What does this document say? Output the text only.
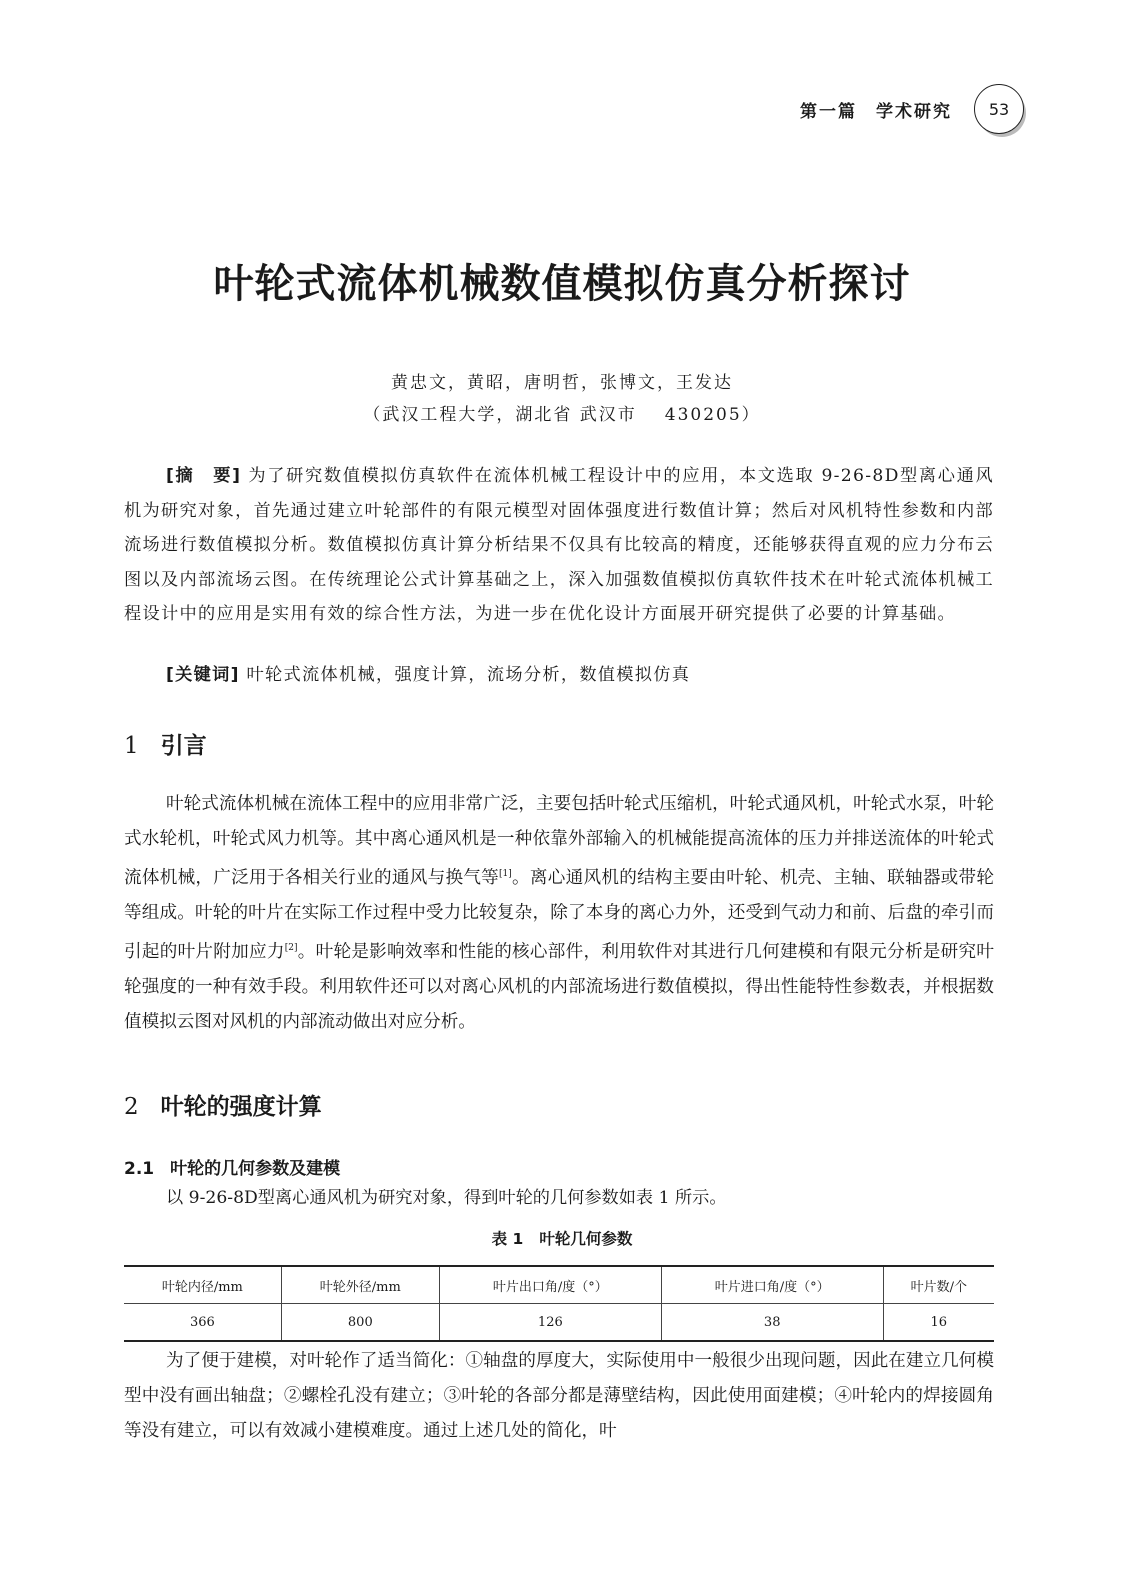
第一篇　学术研究 53
叶轮式流体机械数值模拟仿真分析探讨
黄忠文，黄昭，唐明哲，张博文，王发达
（武汉工程大学，湖北省 武汉市 430205）
[摘　要] 为了研究数值模拟仿真软件在流体机械工程设计中的应用，本文选取 9-26-8D型离心通风机为研究对象，首先通过建立叶轮部件的有限元模型对固体强度进行数值计算；然后对风机特性参数和内部流场进行数值模拟分析。数值模拟仿真计算分析结果不仅具有比较高的精度，还能够获得直观的应力分布云图以及内部流场云图。在传统理论公式计算基础之上，深入加强数值模拟仿真软件技术在叶轮式流体机械工程设计中的应用是实用有效的综合性方法，为进一步在优化设计方面展开研究提供了必要的计算基础。
[关键词] 叶轮式流体机械，强度计算，流场分析，数值模拟仿真
1 引言
叶轮式流体机械在流体工程中的应用非常广泛，主要包括叶轮式压缩机，叶轮式通风机，叶轮式水泵，叶轮式水轮机，叶轮式风力机等。其中离心通风机是一种依靠外部输入的机械能提高流体的压力并排送流体的叶轮式流体机械，广泛用于各相关行业的通风与换气等[1]。离心通风机的结构主要由叶轮、机壳、主轴、联轴器或带轮等组成。叶轮的叶片在实际工作过程中受力比较复杂，除了本身的离心力外，还受到气动力和前、后盘的牵引而引起的叶片附加应力[2]。叶轮是影响效率和性能的核心部件，利用软件对其进行几何建模和有限元分析是研究叶轮强度的一种有效手段。利用软件还可以对离心风机的内部流场进行数值模拟，得出性能特性参数表，并根据数值模拟云图对风机的内部流动做出对应分析。
2 叶轮的强度计算
2.1 叶轮的几何参数及建模
以 9-26-8D型离心通风机为研究对象，得到叶轮的几何参数如表 1 所示。
表 1 叶轮几何参数
叶轮内径/mm	叶轮外径/mm	叶片出口角/度（°）	叶片进口角/度（°）	叶片数/个
366	800	126	38	16
为了便于建模，对叶轮作了适当简化：①轴盘的厚度大，实际使用中一般很少出现问题，因此在建立几何模型中没有画出轴盘；②螺栓孔没有建立；③叶轮的各部分都是薄壁结构，因此使用面建模；④叶轮内的焊接圆角等没有建立，可以有效减小建模难度。通过上述几处的简化，叶
